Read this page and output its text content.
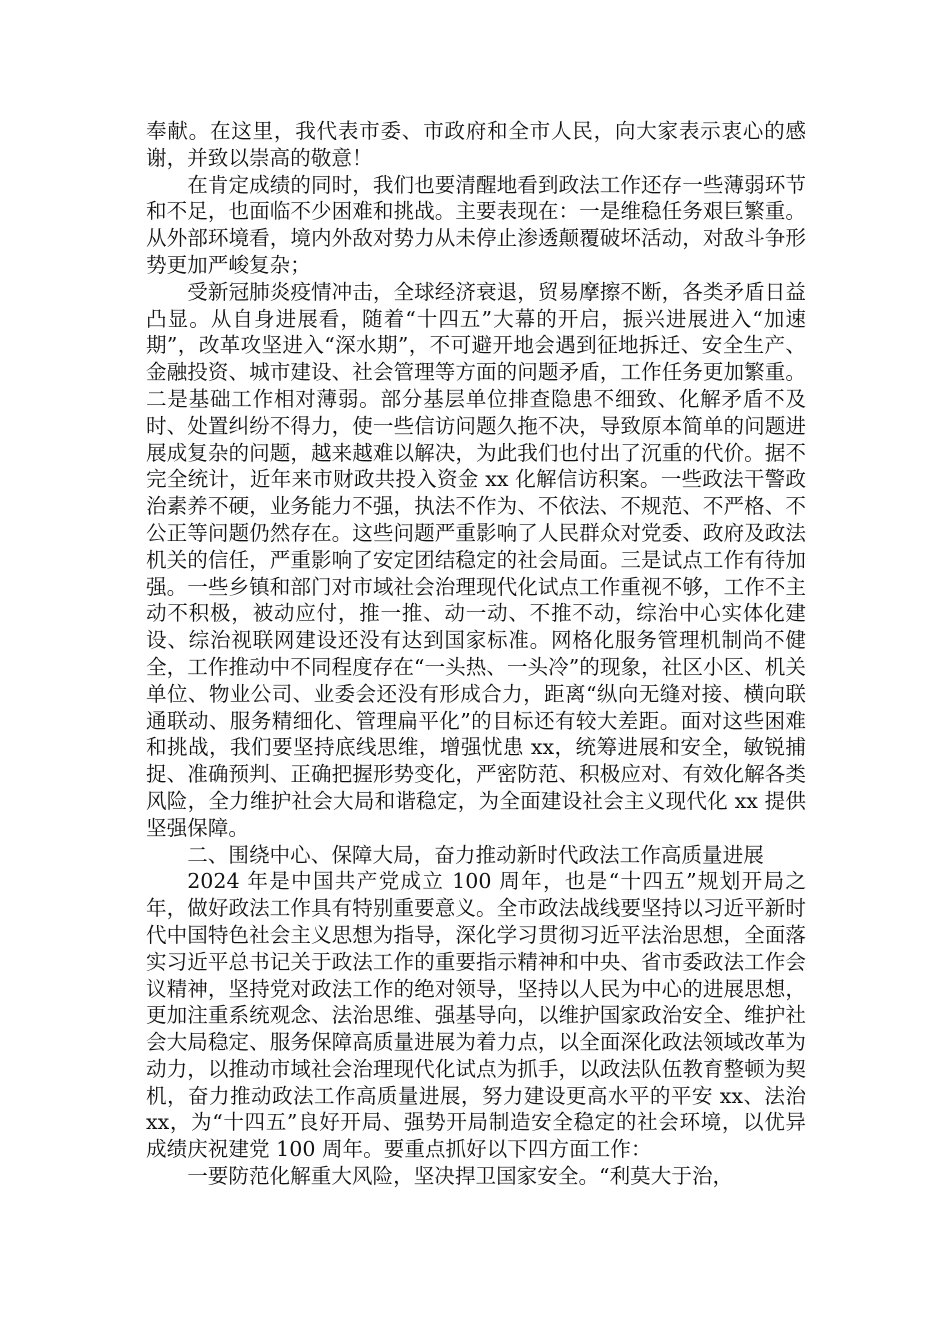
奉献。在这里，我代表市委、市政府和全市人民，向大家表示衷心的感谢，并致以崇高的敬意！

在肯定成绩的同时，我们也要清醒地看到政法工作还存一些薄弱环节和不足，也面临不少困难和挑战。主要表现在：一是维稳任务艰巨繁重。从外部环境看，境内外敌对势力从未停止渗透颠覆破坏活动，对敌斗争形势更加严峻复杂；

受新冠肺炎疫情冲击，全球经济衰退，贸易摩擦不断，各类矛盾日益凸显。从自身进展看，随着“十四五”大幕的开启，振兴进展进入“加速期”，改革攻坚进入“深水期”，不可避开地会遇到征地拆迁、安全生产、金融投资、城市建设、社会管理等方面的问题矛盾，工作任务更加繁重。二是基础工作相对薄弱。部分基层单位排查隐患不细致、化解矛盾不及时、处置纠纷不得力，使一些信访问题久拖不决，导致原本简单的问题进展成复杂的问题，越来越难以解决，为此我们也付出了沉重的代价。据不完全统计，近年来市财政共投入资金 xx 化解信访积案。一些政法干警政治素养不硬，业务能力不强，执法不作为、不依法、不规范、不严格、不公正等问题仍然存在。这些问题严重影响了人民群众对党委、政府及政法机关的信任，严重影响了安定团结稳定的社会局面。三是试点工作有待加强。一些乡镇和部门对市域社会治理现代化试点工作重视不够，工作不主动不积极，被动应付，推一推、动一动、不推不动，综治中心实体化建设、综治视联网建设还没有达到国家标准。网格化服务管理机制尚不健全，工作推动中不同程度存在“一头热、一头冷”的现象，社区小区、机关单位、物业公司、业委会还没有形成合力，距离“纵向无缝对接、横向联通联动、服务精细化、管理扁平化”的目标还有较大差距。面对这些困难和挑战，我们要坚持底线思维，增强忧患 xx，统筹进展和安全，敏锐捕捉、准确预判、正确把握形势变化，严密防范、积极应对、有效化解各类风险，全力维护社会大局和谐稳定，为全面建设社会主义现代化 xx 提供坚强保障。

二、围绕中心、保障大局，奋力推动新时代政法工作高质量进展

2024 年是中国共产党成立 100 周年，也是“十四五”规划开局之年，做好政法工作具有特别重要意义。全市政法战线要坚持以习近平新时代中国特色社会主义思想为指导，深化学习贯彻习近平法治思想，全面落实习近平总书记关于政法工作的重要指示精神和中央、省市委政法工作会议精神，坚持党对政法工作的绝对领导，坚持以人民为中心的进展思想，更加注重系统观念、法治思维、强基导向，以维护国家政治安全、维护社会大局稳定、服务保障高质量进展为着力点，以全面深化政法领域改革为动力，以推动市域社会治理现代化试点为抓手，以政法队伍教育整顿为契机，奋力推动政法工作高质量进展，努力建设更高水平的平安 xx、法治 xx，为“十四五”良好开局、强势开局制造安全稳定的社会环境，以优异成绩庆祝建党 100 周年。要重点抓好以下四方面工作：

一要防范化解重大风险，坚决捍卫国家安全。“利莫大于治，
